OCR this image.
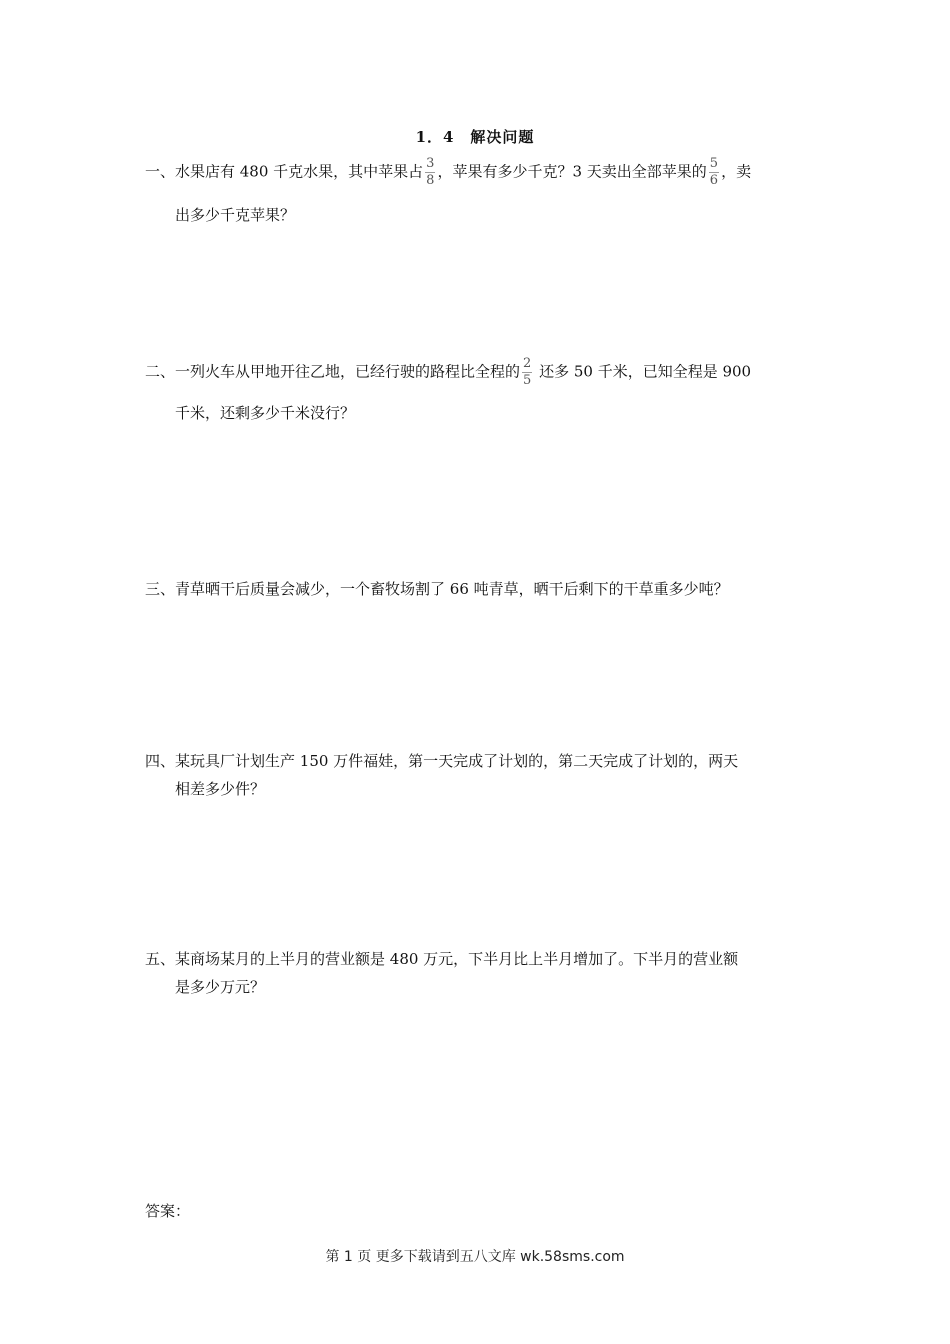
1．4　解决问题
一、水果店有 480 千克水果，其中苹果占 $\frac{3}{8}$ ，苹果有多少千克？3 天卖出全部苹果的 $\frac{5}{6}$ ，卖
出多少千克苹果？
二、一列火车从甲地开往乙地，已经行驶的路程比全程的 $\frac{2}{5}$ 还多 50 千米，已知全程是 900
千米，还剩多少千米没行？
三、青草晒干后质量会减少，一个畜牧场割了 66 吨青草，晒干后剩下的干草重多少吨？
四、某玩具厂计划生产 150 万件福娃，第一天完成了计划的，第二天完成了计划的，两天
相差多少件？
五、某商场某月的上半月的营业额是 480 万元，下半月比上半月增加了。下半月的营业额
是多少万元？
答案：
第 1 页 更多下载请到五八文库 wk.58sms.com
